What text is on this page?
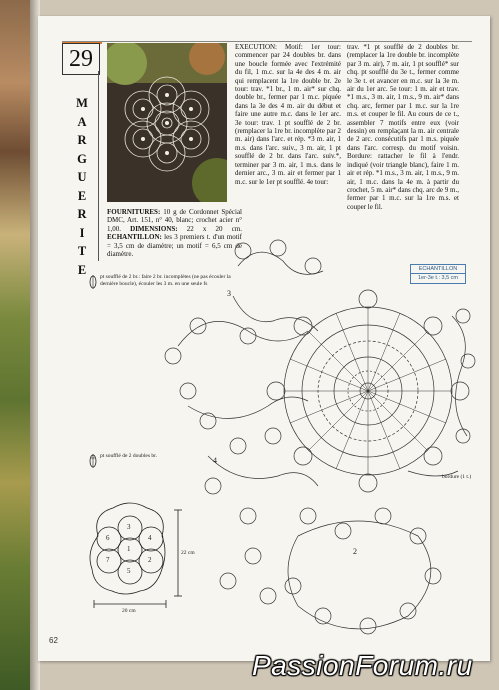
29
M
A
R
G
U
E
R
I
T
E
EXECUTION: Motif: 1er tour: commencer par 24 doubles br. dans une boucle formée avec l'extrémité du fil, 1 m.c. sur la 4e des 4 m. air qui remplacent la 1re double br. 2e tour: trav. *1 br., 1 m. air* sur chq. double br., fermer par 1 m.c. piquée dans la 3e des 4 m. air du début et faire une autre m.c. dans le 1er arc. 3e tour: trav. 1 pt soufflé de 2 br. (remplacer la 1re br. incomplète par 2 m. air) dans l'arc. et rép. *3 m. air, 1 m.s. dans l'arc. suiv., 3 m. air, 1 pt soufflé de 2 br. dans l'arc. suiv.*, terminer par 3 m. air, 1 m.s. dans le dernier arc., 3 m. air et fermer par 1 m.c. sur le 1er pt soufflé. 4e tour:
trav. *1 pt soufflé de 2 doubles br. (remplacer la 1re double br. incomplète par 3 m. air), 7 m. air, 1 pt soufflé* sur chq. pt soufflé du 3e t., fermer comme le 3e t. et avancer en m.c. sur la 3e m. air du 1er arc. 5e tour: 1 m. air et trav. *1 m.s., 3 m. air, 1 m.s., 9 m. air* dans chq. arc, fermer par 1 m.c. sur la 1re m.s. et couper le fil. Au cours de ce t., assembler 7 motifs entre eux (voir dessin) en remplaçant la m. air centrale de 2 arc. consécutifs par 1 m.s. piquée dans l'arc. corresp. du motif voisin. Bordure: rattacher le fil à l'endr. indiqué (voir triangle blanc), faire 1 m. air et rép. *1 m.s., 3 m. air, 1 m.s., 9 m. air, 1 m.c. dans la 4e m. à partir du crochet, 5 m. air* dans chq. arc de 9 m., fermer par 1 m.c. sur la 1re m.s. et couper le fil.
FOURNITURES: 10 g de Cordonnet Spécial DMC, Art. 151, n° 40, blanc; crochet acier n° 1,00. DIMENSIONS: 22 x 20 cm. ECHANTILLON: les 3 premiers t. d'un motif = 3,5 cm de diamètre; un motif = 6,5 cm de diamètre.
pt soufflé de 2 br.: faire 2 br. incomplètes (ne pas écouler la dernière boucle), écouler les 3 m. en une seule fs
pt soufflé de 2 doubles br.
ECHANTILLON
1er-3e t.: 3,5 cm
3
4
2
bordure (1 t.)
3
1
2
4
5
6
7
22 cm
20 cm
62
PassionForum.ru
